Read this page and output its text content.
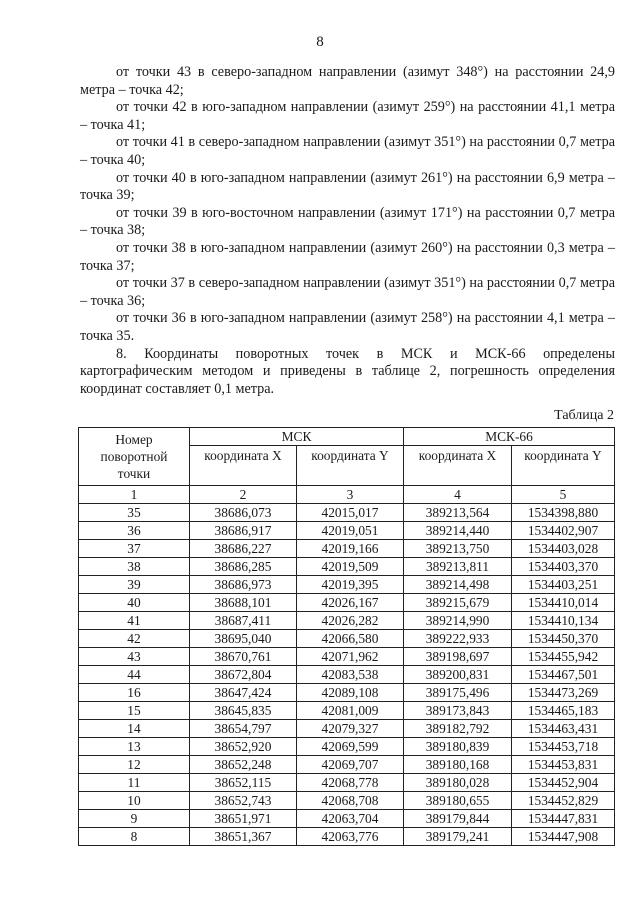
8

от точки 43 в северо-западном направлении (азимут 348°) на расстоянии 24,9 метра – точка 42;

от точки 42 в юго-западном направлении (азимут 259°) на расстоянии 41,1 метра – точка 41;

от точки 41 в северо-западном направлении (азимут 351°) на расстоянии 0,7 метра – точка 40;

от точки 40 в юго-западном направлении (азимут 261°) на расстоянии 6,9 метра – точка 39;

от точки 39 в юго-восточном направлении (азимут 171°) на расстоянии 0,7 метра – точка 38;

от точки 38 в юго-западном направлении (азимут 260°) на расстоянии 0,3 метра – точка 37;

от точки 37 в северо-западном направлении (азимут 351°) на расстоянии 0,7 метра – точка 36;

от точки 36 в юго-западном направлении (азимут 258°) на расстоянии 4,1 метра – точка 35.

8. Координаты поворотных точек в МСК и МСК-66 определены картографическим методом и приведены в таблице 2, погрешность определения координат составляет 0,1 метра.

Таблица 2
Номер поворотной точки	МСК		МСК-66	
	координата X	координата Y	координата X	координата Y
1	2	3	4	5
35	38686,073	42015,017	389213,564	1534398,880
36	38686,917	42019,051	389214,440	1534402,907
37	38686,227	42019,166	389213,750	1534403,028
38	38686,285	42019,509	389213,811	1534403,370
39	38686,973	42019,395	389214,498	1534403,251
40	38688,101	42026,167	389215,679	1534410,014
41	38687,411	42026,282	389214,990	1534410,134
42	38695,040	42066,580	389222,933	1534450,370
43	38670,761	42071,962	389198,697	1534455,942
44	38672,804	42083,538	389200,831	1534467,501
16	38647,424	42089,108	389175,496	1534473,269
15	38645,835	42081,009	389173,843	1534465,183
14	38654,797	42079,327	389182,792	1534463,431
13	38652,920	42069,599	389180,839	1534453,718
12	38652,248	42069,707	389180,168	1534453,831
11	38652,115	42068,778	389180,028	1534452,904
10	38652,743	42068,708	389180,655	1534452,829
9	38651,971	42063,704	389179,844	1534447,831
8	38651,367	42063,776	389179,241	1534447,908
